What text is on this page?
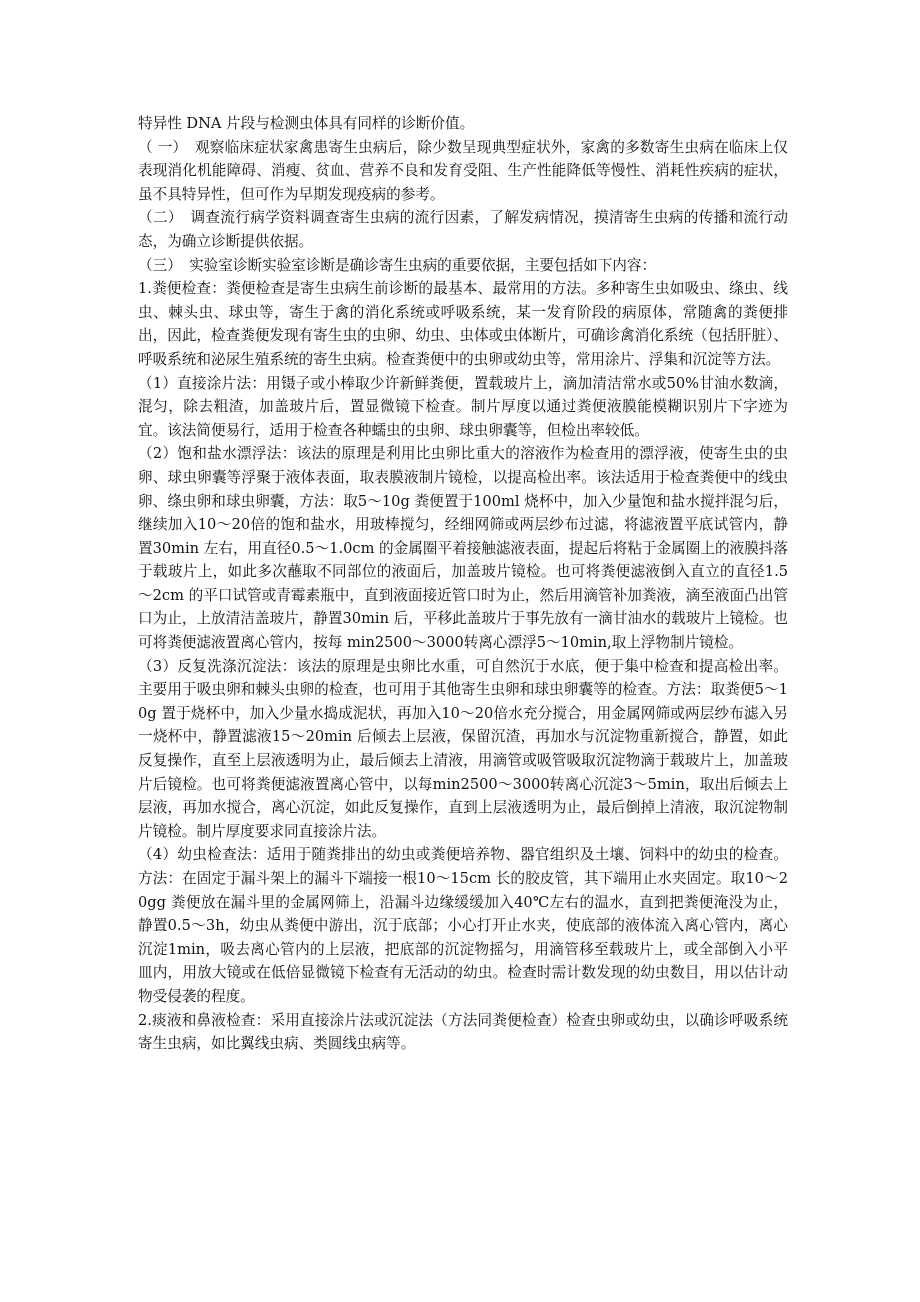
特异性 DNA 片段与检测虫体具有同样的诊断价值。

（ 一）　观察临床症状家禽患寄生虫病后，除少数呈现典型症状外，家禽的多数寄生虫病在临床上仅表现消化机能障碍、消瘦、贫血、营养不良和发育受阻、生产性能降低等慢性、消耗性疾病的症状，虽不具特异性，但可作为早期发现疫病的参考。

（二）　调查流行病学资料调查寄生虫病的流行因素，了解发病情况，摸清寄生虫病的传播和流行动态，为确立诊断提供依据。

（三）　实验室诊断实验室诊断是确诊寄生虫病的重要依据，主要包括如下内容：

1.粪便检查：粪便检查是寄生虫病生前诊断的最基本、最常用的方法。多种寄生虫如吸虫、绦虫、线虫、棘头虫、球虫等，寄生于禽的消化系统或呼吸系统，某一发育阶段的病原体，常随禽的粪便排出，因此，检查粪便发现有寄生虫的虫卵、幼虫、虫体或虫体断片，可确诊禽消化系统（包括肝脏）、呼吸系统和泌尿生殖系统的寄生虫病。检查粪便中的虫卵或幼虫等，常用涂片、浮集和沉淀等方法。

（1）直接涂片法：用镊子或小棒取少许新鲜粪便，置载玻片上，滴加清洁常水或50%甘油水数滴，混匀，除去粗渣，加盖玻片后，置显微镜下检查。制片厚度以通过粪便液膜能模糊识别片下字迹为宜。该法简便易行，适用于检查各种蠕虫的虫卵、球虫卵囊等，但检出率较低。

（2）饱和盐水漂浮法：该法的原理是利用比虫卵比重大的溶液作为检查用的漂浮液，使寄生虫的虫卵、球虫卵囊等浮聚于液体表面，取表膜液制片镜检，以提高检出率。该法适用于检查粪便中的线虫卵、绦虫卵和球虫卵囊，方法：取5～10g 粪便置于100ml 烧杯中，加入少量饱和盐水搅拌混匀后，继续加入10～20倍的饱和盐水，用玻棒搅匀，经细网筛或两层纱布过滤，将滤液置平底试管内，静置30min 左右，用直径0.5～1.0cm 的金属圈平着接触滤液表面，提起后将粘于金属圈上的液膜抖落于载玻片上，如此多次蘸取不同部位的液面后，加盖玻片镜检。也可将粪便滤液倒入直立的直径1.5～2cm 的平口试管或青霉素瓶中，直到液面接近管口时为止，然后用滴管补加粪液，滴至液面凸出管口为止，上放清洁盖玻片，静置30min 后，平移此盖玻片于事先放有一滴甘油水的载玻片上镜检。也可将粪便滤液置离心管内，按每 min2500～3000转离心漂浮5～10min,取上浮物制片镜检。

（3）反复洗涤沉淀法：该法的原理是虫卵比水重，可自然沉于水底，便于集中检查和提高检出率。主要用于吸虫卵和棘头虫卵的检查，也可用于其他寄生虫卵和球虫卵囊等的检查。方法：取粪便5～10g 置于烧杯中，加入少量水捣成泥状，再加入10～20倍水充分搅合，用金属网筛或两层纱布滤入另一烧杯中，静置滤液15～20min 后倾去上层液，保留沉渣，再加水与沉淀物重新搅合，静置，如此反复操作，直至上层液透明为止，最后倾去上清液，用滴管或吸管吸取沉淀物滴于载玻片上，加盖玻片后镜检。也可将粪便滤液置离心管中，以每min2500～3000转离心沉淀3～5min，取出后倾去上层液，再加水搅合，离心沉淀，如此反复操作，直到上层液透明为止，最后倒掉上清液，取沉淀物制片镜检。制片厚度要求同直接涂片法。

（4）幼虫检查法：适用于随粪排出的幼虫或粪便培养物、器官组织及土壤、饲料中的幼虫的检查。方法：在固定于漏斗架上的漏斗下端接一根10～15cm 长的胶皮管，其下端用止水夹固定。取10～20gg 粪便放在漏斗里的金属网筛上，沿漏斗边缘缓缓加入40℃左右的温水，直到把粪便淹没为止，静置0.5～3h，幼虫从粪便中游出，沉于底部；小心打开止水夹，使底部的液体流入离心管内，离心沉淀1min，吸去离心管内的上层液，把底部的沉淀物摇匀，用滴管移至载玻片上，或全部倒入小平皿内，用放大镜或在低倍显微镜下检查有无活动的幼虫。检查时需计数发现的幼虫数目，用以估计动物受侵袭的程度。

2.痰液和鼻液检查：采用直接涂片法或沉淀法（方法同粪便检查）检查虫卵或幼虫，以确诊呼吸系统寄生虫病，如比翼线虫病、类圆线虫病等。
